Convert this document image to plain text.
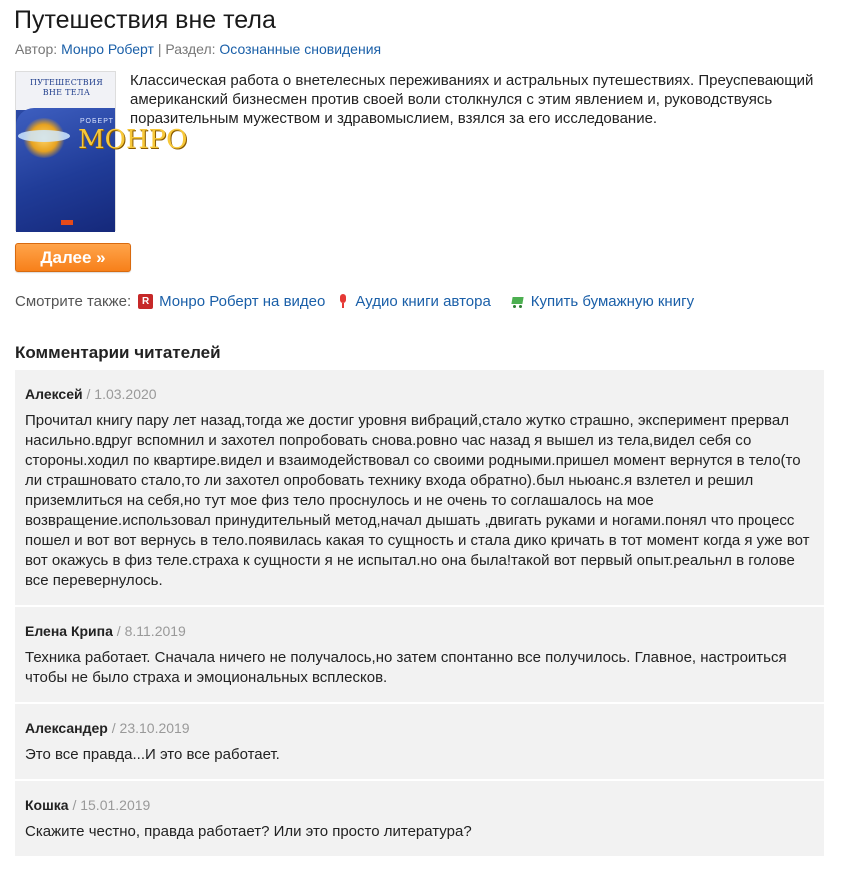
Путешествия вне тела
Автор: Монро Роберт | Раздел: Осознанные сновидения
ПУТЕШЕСТВИЯ
ВНЕ ТЕЛА
РОБЕРТ
МОНРО

Классическая работа о внетелесных переживаниях и астральных путешествиях. Преуспевающий американский бизнесмен против своей воли столкнулся с этим явлением и, руководствуясь поразительным мужеством и здравомыслием, взялся за его исследование.

Далее »
Смотрите также:	R Монро Роберт на видео Аудио книги автора	Купить бумажную книгу
Комментарии читателей
Алексей / 1.03.2020
Прочитал книгу пару лет назад,тогда же достиг уровня вибраций,стало жутко страшно, эксперимент прервал насильно.вдруг вспомнил и захотел попробовать снова.ровно час назад я вышел из тела,видел себя со стороны.ходил по квартире.видел и взаимодействовал со своими родными.пришел момент вернутся в тело(то ли страшновато стало,то ли захотел опробовать технику входа обратно).был ньюанс.я взлетел и решил приземлиться на себя,но тут мое физ тело проснулось и не очень то соглашалось на мое возвращение.использовал принудительный метод,начал дышать ,двигать руками и ногами.понял что процесс пошел и вот вот вернусь в тело.появилась какая то сущность и стала дико кричать в тот момент когда я уже вот вот окажусь в физ теле.страха к сущности я не испытал.но она была!такой вот первый опыт.реальнл в голове все перевернулось.
Елена Крипа / 8.11.2019
Техника работает. Сначала ничего не получалось,но затем спонтанно все получилось. Главное, настроиться чтобы не было страха и эмоциональных всплесков.
Александер / 23.10.2019
Это все правда...И это все работает.
Кошка / 15.01.2019
Скажите честно, правда работает? Или это просто литература?
